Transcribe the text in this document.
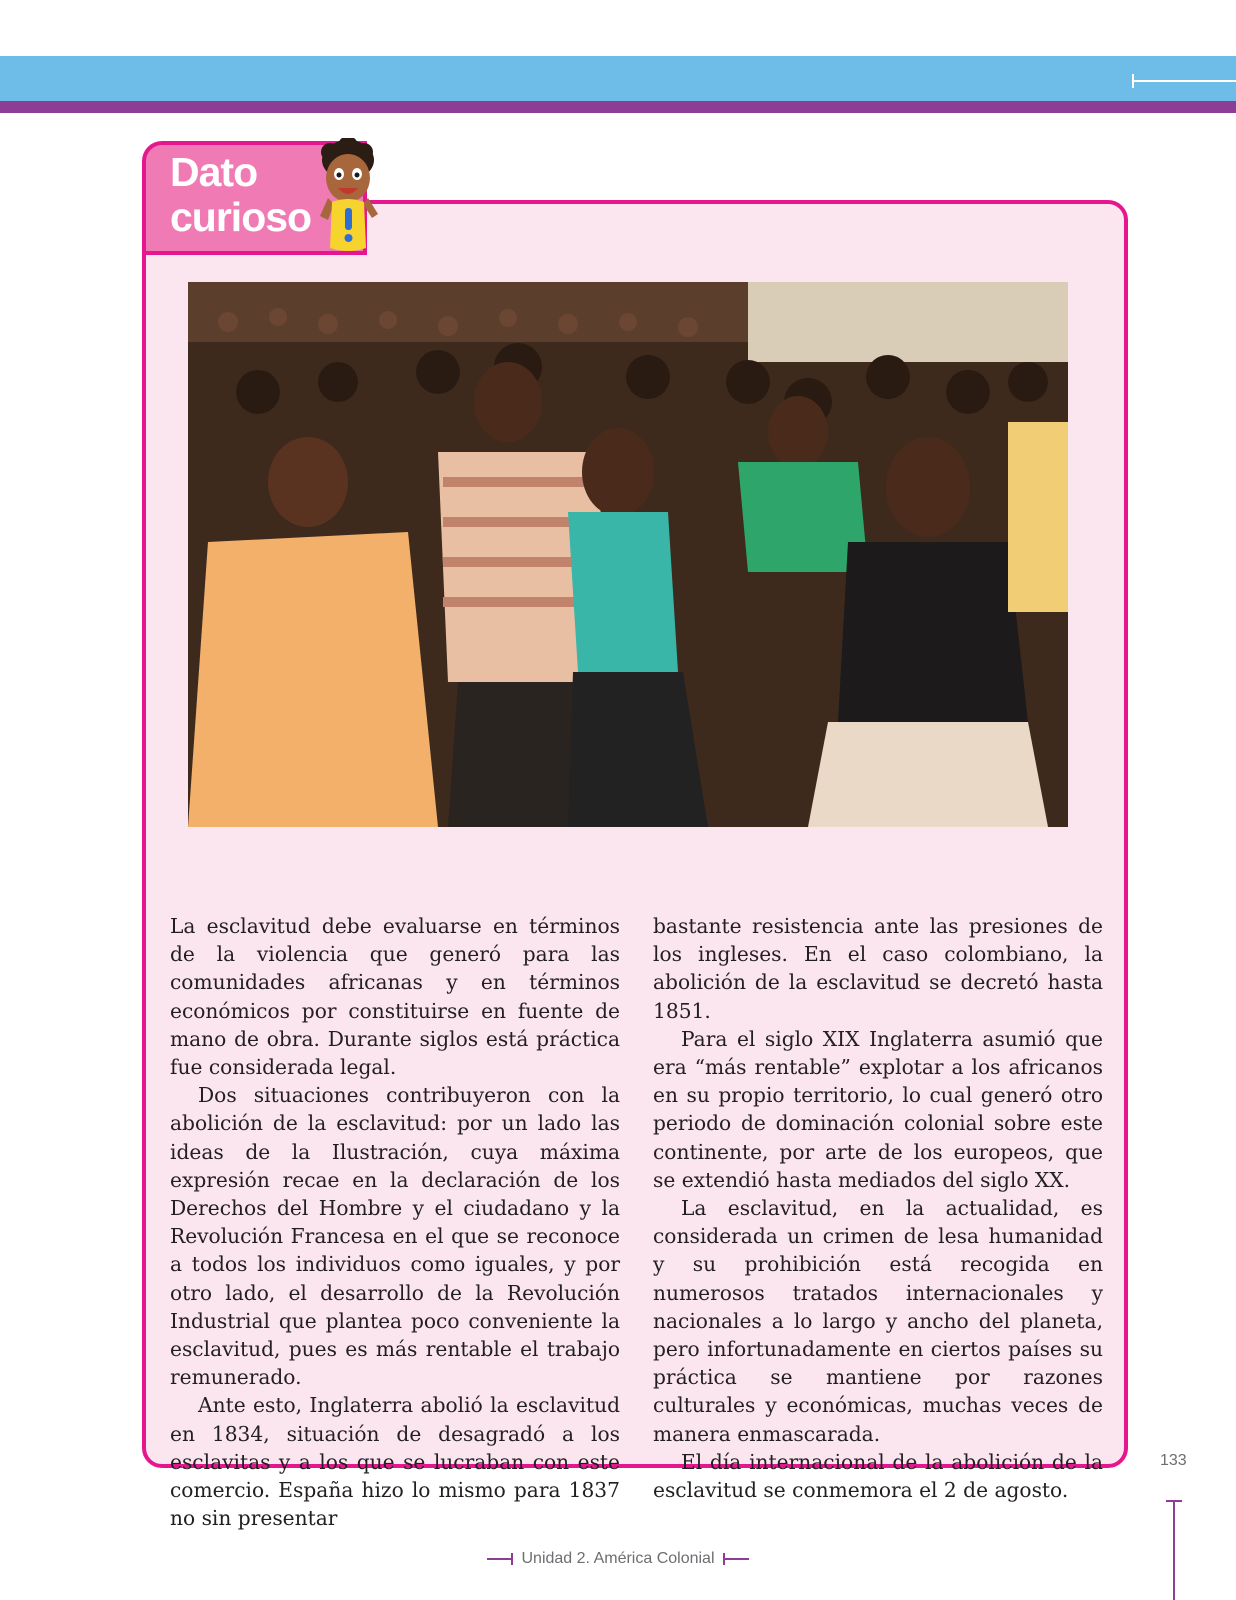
Dato
curioso

La esclavitud debe evaluarse en términos de la violencia que generó para las comunidades africanas y en términos económicos por constituirse en fuente de mano de obra. Durante siglos está práctica fue considerada legal.

Dos situaciones contribuyeron con la abolición de la esclavitud: por un lado las ideas de la Ilustración, cuya máxima expresión recae en la declaración de los Derechos del Hombre y el ciudadano y la Revolución Francesa en el que se reconoce a todos los individuos como iguales, y por otro lado, el desarrollo de la Revolución Industrial que plantea poco conveniente la esclavitud, pues es más rentable el trabajo remunerado.

Ante esto, Inglaterra abolió la esclavitud en 1834, situación de desagradó a los esclavitas y a los que se lucraban con este comercio. España hizo lo mismo para 1837 no sin presentar

bastante resistencia ante las presiones de los ingleses. En el caso colombiano, la abolición de la esclavitud se decretó hasta 1851.

Para el siglo XIX Inglaterra asumió que era “más rentable” explotar a los africanos en su propio territorio, lo cual generó otro periodo de dominación colonial sobre este continente, por arte de los europeos, que se extendió hasta mediados del siglo XX.

La esclavitud, en la actualidad, es considerada un crimen de lesa humanidad y su prohibición está recogida en numerosos tratados internacionales y nacionales a lo largo y ancho del planeta, pero infortunadamente en ciertos países su práctica se mantiene por razones culturales y económicas, muchas veces de manera enmascarada.

El día internacional de la abolición de la esclavitud se conmemora el 2 de agosto.

133
Unidad 2. América Colonial
